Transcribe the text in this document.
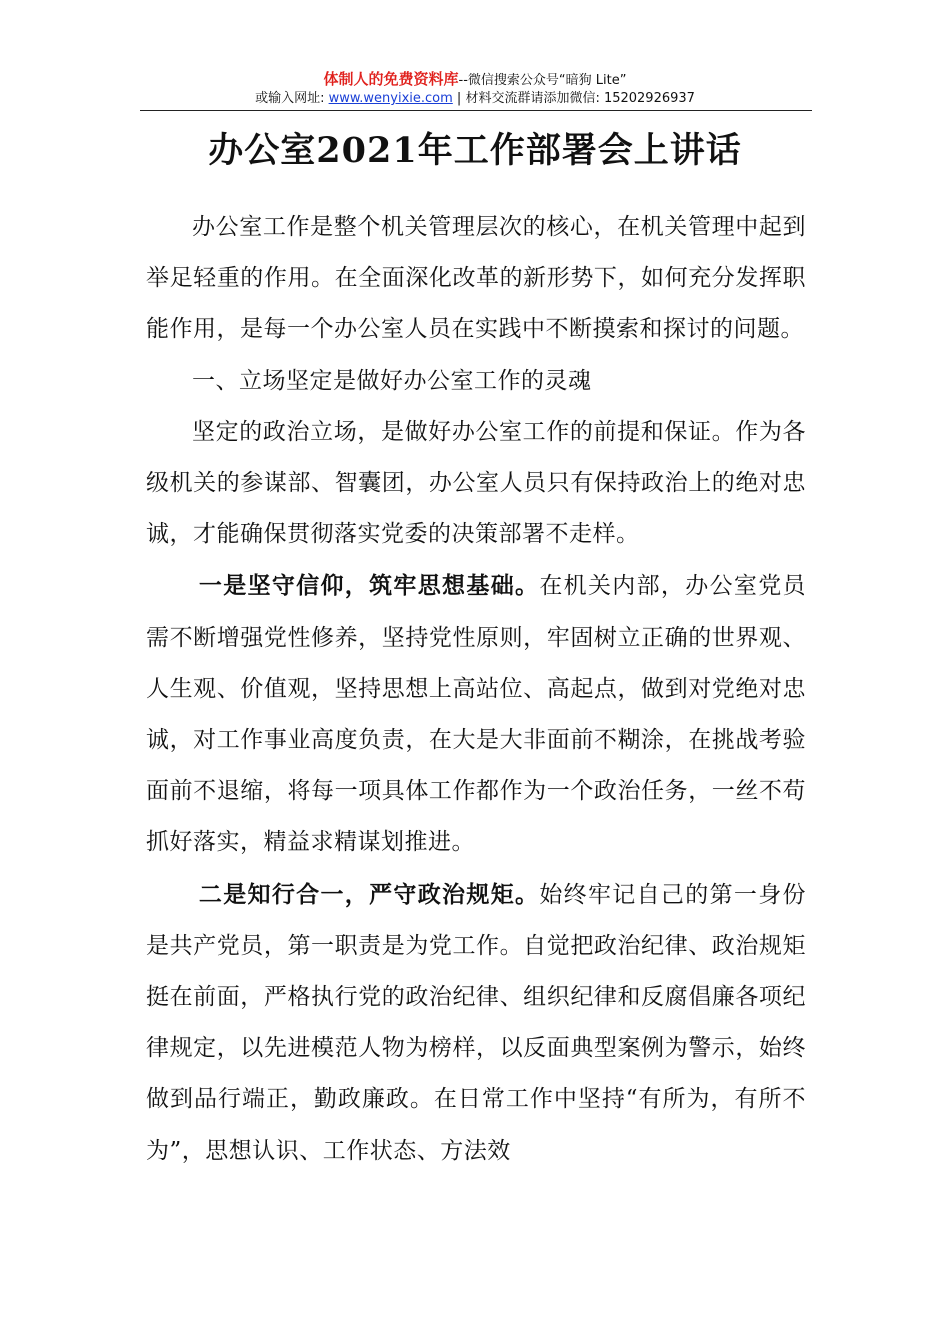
体制人的免费资料库--微信搜索公众号“暗狗 Lite”
或输入网址: www.wenyixie.com | 材料交流群请添加微信: 15202926937
办公室2021年工作部署会上讲话

办公室工作是整个机关管理层次的核心，在机关管理中起到举足轻重的作用。在全面深化改革的新形势下，如何充分发挥职能作用，是每一个办公室人员在实践中不断摸索和探讨的问题。

一、立场坚定是做好办公室工作的灵魂

坚定的政治立场，是做好办公室工作的前提和保证。作为各级机关的参谋部、智囊团，办公室人员只有保持政治上的绝对忠诚，才能确保贯彻落实党委的决策部署不走样。

一是坚守信仰，筑牢思想基础。在机关内部，办公室党员需不断增强党性修养，坚持党性原则，牢固树立正确的世界观、人生观、价值观，坚持思想上高站位、高起点，做到对党绝对忠诚，对工作事业高度负责，在大是大非面前不糊涂，在挑战考验面前不退缩，将每一项具体工作都作为一个政治任务，一丝不苟抓好落实，精益求精谋划推进。

二是知行合一，严守政治规矩。始终牢记自己的第一身份是共产党员，第一职责是为党工作。自觉把政治纪律、政治规矩挺在前面，严格执行党的政治纪律、组织纪律和反腐倡廉各项纪律规定，以先进模范人物为榜样，以反面典型案例为警示，始终做到品行端正，勤政廉政。在日常工作中坚持“有所为，有所不为”，思想认识、工作状态、方法效
